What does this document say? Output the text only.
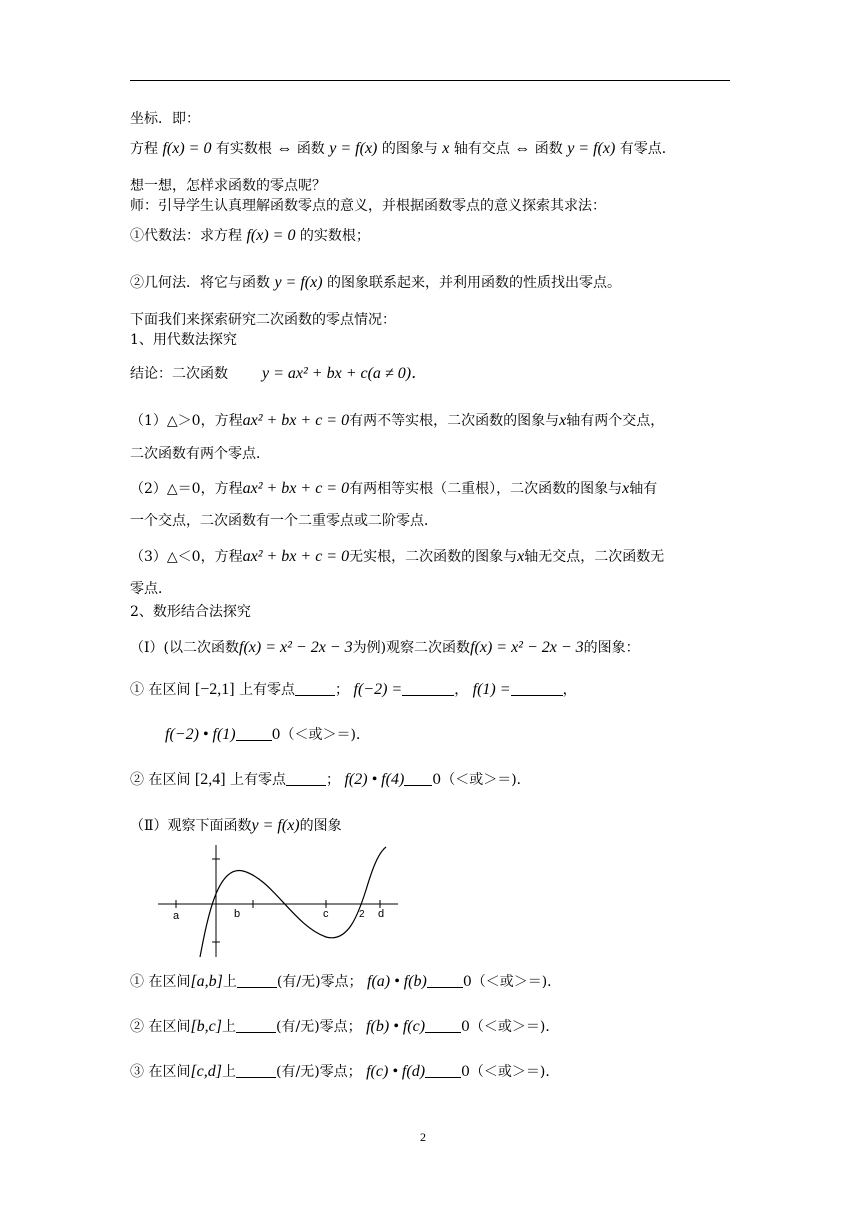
坐标．即：
方程 f(x) = 0 有实数根 ⇔ 函数 y = f(x) 的图象与 x 轴有交点 ⇔ 函数 y = f(x) 有零点．
想一想，怎样求函数的零点呢？
师：引导学生认真理解函数零点的意义，并根据函数零点的意义探索其求法：
①代数法：求方程 f(x) = 0 的实数根；
②几何法．将它与函数 y = f(x) 的图象联系起来，并利用函数的性质找出零点。
下面我们来探索研究二次函数的零点情况：
1、用代数法探究
结论：二次函数 y = ax² + bx + c(a ≠ 0)．
（1）△＞0，方程ax² + bx + c = 0有两不等实根，二次函数的图象与x轴有两个交点，
二次函数有两个零点．
（2）△＝0，方程ax² + bx + c = 0有两相等实根（二重根），二次函数的图象与x轴有
一个交点，二次函数有一个二重零点或二阶零点．
（3）△＜0，方程ax² + bx + c = 0无实根，二次函数的图象与x轴无交点，二次函数无
零点．
2、数形结合法探究
（Ⅰ）(以二次函数f(x) = x² − 2x − 3为例)观察二次函数f(x) = x² − 2x − 3的图象：
① 在区间 [−2,1] 上有零点	； f(−2) =	， f(1) =	，
f(−2) • f(1)	0（＜或＞＝)．
② 在区间 [2,4] 上有零点	； f(2) • f(4) 0（＜或＞＝)．
（Ⅱ）观察下面函数y = f(x)的图象
a	b	c	2 d
① 在区间[a,b]上	(有/无)零点； f(a) • f(b)	0（＜或＞＝)．
② 在区间[b,c]上	(有/无)零点； f(b) • f(c)	0（＜或＞＝)．
③ 在区间[c,d]上	(有/无)零点； f(c) • f(d)	0（＜或＞＝)．
2
